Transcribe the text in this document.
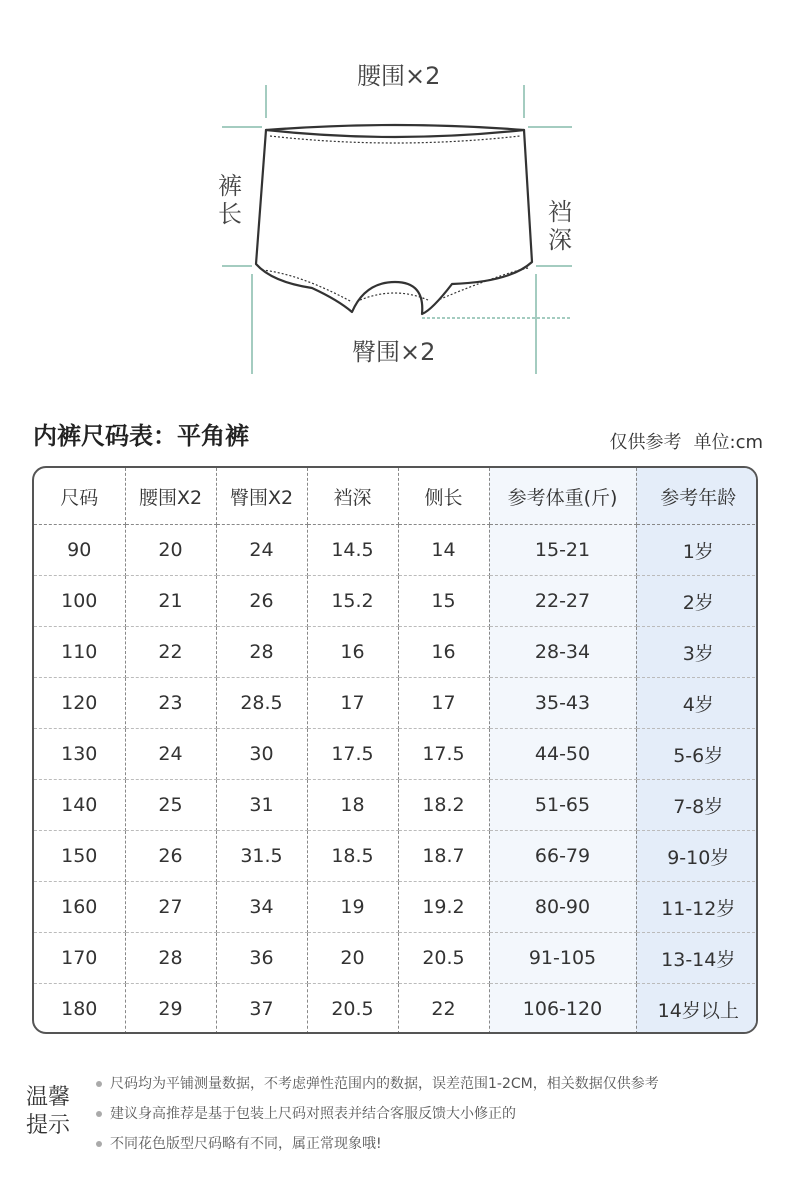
腰围×2
裤长	裆深
臀围×2
内裤尺码表：平角裤	仅供参考 单位:cm
尺码	腰围X2	臀围X2	裆深	侧长	参考体重(斤)	参考年龄
90	20	24	14.5	14	15-21	1岁
100	21	26	15.2	15	22-27	2岁
110	22	28	16	16	28-34	3岁
120	23	28.5	17	17	35-43	4岁
130	24	30	17.5	17.5	44-50	5-6岁
140	25	31	18	18.2	51-65	7-8岁
150	26	31.5	18.5	18.7	66-79	9-10岁
160	27	34	19	19.2	80-90	11-12岁
170	28	36	20	20.5	91-105	13-14岁
180	29	37	20.5	22	106-120	14岁以上
温馨提示
尺码均为平铺测量数据，不考虑弹性范围内的数据，误差范围1-2CM，相关数据仅供参考
建议身高推荐是基于包装上尺码对照表并结合客服反馈大小修正的
不同花色版型尺码略有不同，属正常现象哦!
